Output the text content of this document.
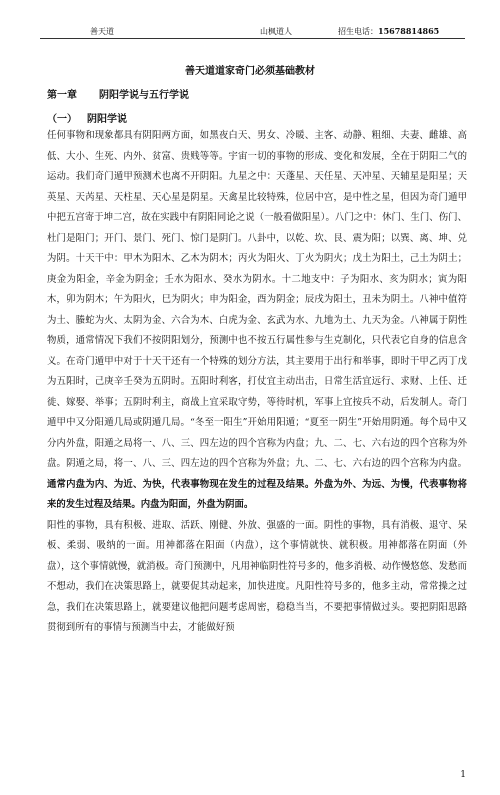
善天道	山枫道人	招生电话：15678814865
善天道道家奇门必须基础教材
第一章 阴阳学说与五行学说
（一） 阴阳学说

任何事物和现象都具有阴阳两方面，如黑夜白天、男女、冷暖、主客、动静、粗细、夫妻、雌雄、高低、大小、生死、内外、贫富、贵贱等等。宇宙一切的事物的形成、变化和发展，全在于阴阳二气的运动。我们奇门遁甲预测术也离不开阴阳。九星之中：天蓬星、天任星、天冲星、天辅星是阳星；天英星、天芮星、天柱星、天心星是阴星。天禽星比较特殊，位居中宫，是中性之星，但因为奇门遁甲中把五宫寄于坤二宫，故在实践中有阴阳同论之说（一般看做阳星）。八门之中：休门、生门、伤门、杜门是阳门；开门、景门、死门、惊门是阴门。八卦中，以乾、坎、艮、震为阳；以巽、离、坤、兑为阴。十天干中：甲木为阳木、乙木为阴木；丙火为阳火、丁火为阴火；戊土为阳土，己土为阴土；庚金为阳金，辛金为阴金；壬水为阳水、癸水为阴水。十二地支中：子为阳水、亥为阴水；寅为阳木，卯为阴木；午为阳火，巳为阴火；申为阳金，酉为阴金；辰戌为阳土，丑未为阴土。八神中值符为土、螣蛇为火、太阴为金、六合为木、白虎为金、玄武为水、九地为土、九天为金。八神属于阴性物质，通常情况下我们不按阴阳划分，预测中也不按五行属性参与生克制化，只代表它自身的信息含义。在奇门遁甲中对于十天干还有一个特殊的划分方法，其主要用于出行和举事，即时干甲乙丙丁戊为五阳时，己庚辛壬癸为五阴时。五阳时利客，打仗宜主动出击，日常生活宜远行、求财、上任、迁徙、嫁娶、举事；五阴时利主，商战上宜采取守势，等待时机，军事上宜按兵不动，后发制人。奇门遁甲中又分阳遁几局或阴遁几局。“冬至一阳生”开始用阳遁；“夏至一阴生”开始用阴遁。每个局中又分内外盘，阳遁之局将一、八、三、四左边的四个宫称为内盘；九、二、七、六右边的四个宫称为外盘。阴遁之局，将一、八、三、四左边的四个宫称为外盘；九、二、七、六右边的四个宫称为内盘。通常内盘为内、为近、为快，代表事物现在发生的过程及结果。外盘为外、为远、为慢，代表事物将来的发生过程及结果。内盘为阳面，外盘为阴面。

阳性的事物，具有积极、进取、活跃、刚健、外放、强盛的一面。阴性的事物，具有消极、退守、呆板、柔弱、吸纳的一面。用神都落在阳面（内盘），这个事情就快、就积极。用神都落在阴面（外盘），这个事情就慢，就消极。奇门预测中，凡用神临阴性符号多的，他多消极、动作慢悠悠、发愁而不想动，我们在决策思路上，就要促其动起来，加快进度。凡阳性符号多的，他多主动，常常操之过急，我们在决策思路上，就要建议他把问题考虑周密，稳稳当当，不要把事情做过头。要把阴阳思路贯彻到所有的事情与预测当中去，才能做好预

1
